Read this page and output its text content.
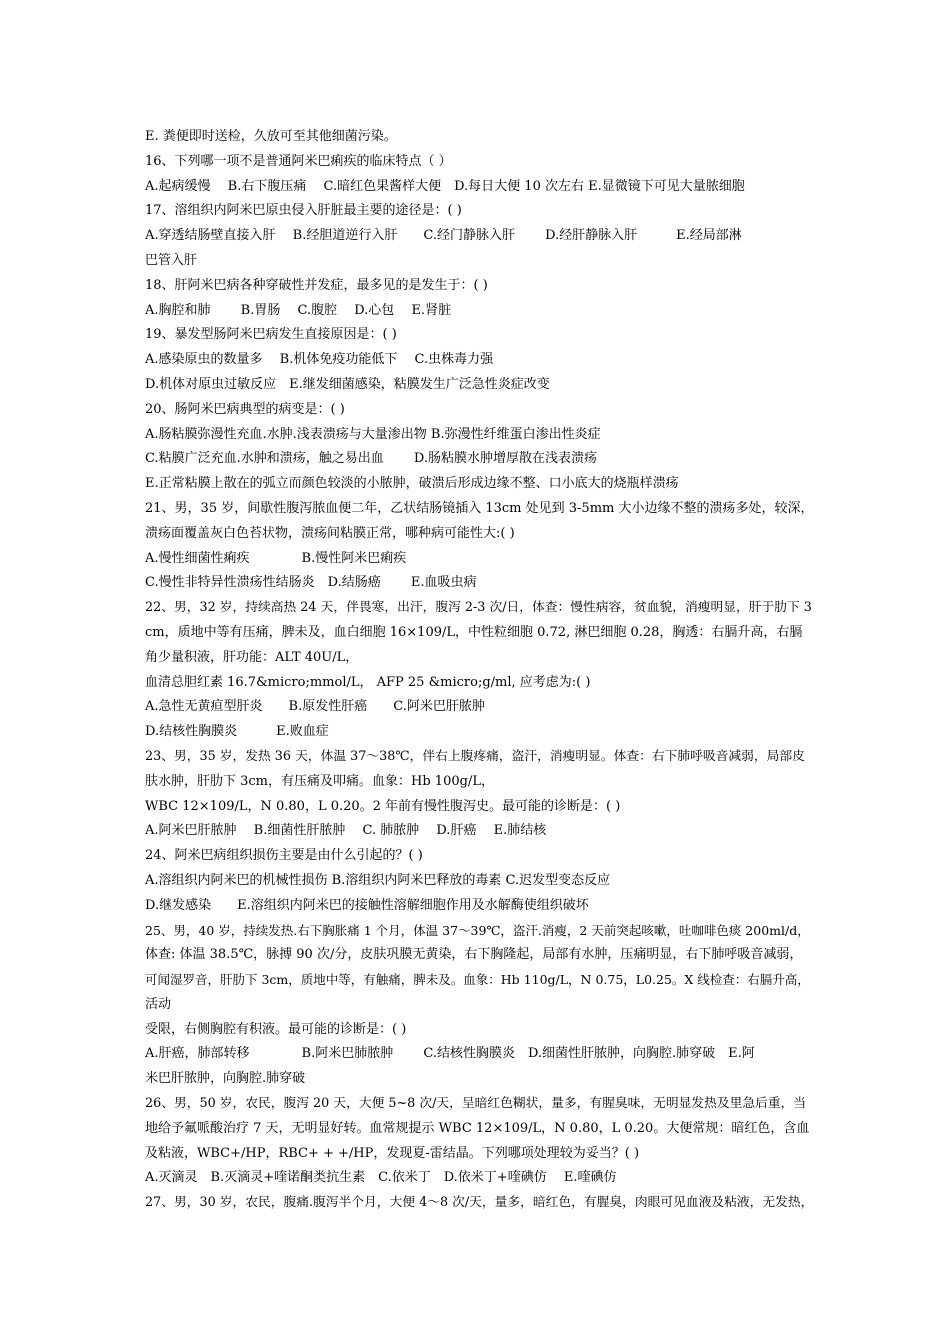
E. 粪便即时送检，久放可至其他细菌污染。
16、下列哪一项不是普通阿米巴痢疾的临床特点（ ）
A.起病缓慢　 B.右下腹压痛　 C.暗红色果酱样大便　D.每日大便 10 次左右 E.显微镜下可见大量脓细胞
17、溶组织内阿米巴原虫侵入肝脏最主要的途径是：( )
A.穿透结肠壁直接入肝　 B.经胆道逆行入肝　　C.经门静脉入肝　　 D.经肝静脉入肝　　　E.经局部淋
巴管入肝
18、肝阿米巴病各种穿破性并发症，最多见的是发生于：( )
A.胸腔和肺　　 B.胃肠　 C.腹腔　 D.心包　 E.肾脏
19、暴发型肠阿米巴病发生直接原因是：( )
A.感染原虫的数量多　 B.机体免疫功能低下　 C.虫株毒力强
D.机体对原虫过敏反应　E.继发细菌感染，粘膜发生广泛急性炎症改变
20、肠阿米巴病典型的病变是：( )
A.肠粘膜弥漫性充血.水肿.浅表溃疡与大量渗出物 B.弥漫性纤维蛋白渗出性炎症
C.粘膜广泛充血.水肿和溃疡，触之易出血　　 D.肠粘膜水肿增厚散在浅表溃疡
E.正常粘膜上散在的弧立而颜色较淡的小脓肿，破溃后形成边缘不整、口小底大的烧瓶样溃疡
21、男，35 岁，间歇性腹泻脓血便二年，乙状结肠镜插入 13cm 处见到 3-5mm 大小边缘不整的溃疡多处，较深，
溃疡面覆盖灰白色苔状物，溃疡间粘膜正常，哪种病可能性大:( )
A.慢性细菌性痢疾　　　　B.慢性阿米巴痢疾
C.慢性非特异性溃疡性结肠炎　D.结肠癌　　 E.血吸虫病
22、男，32 岁，持续高热 24 天，伴畏寒，出汗，腹泻 2-3 次/日，体查：慢性病容，贫血貌，消瘦明显，肝于肋下 3
cm，质地中等有压痛，脾未及，血白细胞 16×109/L，中性粒细胞 0.72, 淋巴细胞 0.28，胸透：右膈升高，右膈
角少量积液，肝功能：ALT 40U/L，
血清总胆红素 16.7&micro;mmol/L， AFP 25 &micro;g/ml, 应考虑为:( )
A.急性无黄疸型肝炎　　B.原发性肝癌　　C.阿米巴肝脓肿
D.结核性胸膜炎　　　E.败血症
23、男，35 岁，发热 36 天，体温 37～38℃，伴右上腹疼痛，盗汗，消瘦明显。体查：右下肺呼吸音减弱，局部皮
肤水肿，肝肋下 3cm，有压痛及叩痛。血象：Hb 100g/L，
WBC 12×109/L，N 0.80，L 0.20。2 年前有慢性腹泻史。最可能的诊断是：( )
A.阿米巴肝脓肿　 B.细菌性肝脓肿　 C. 肺脓肿　 D.肝癌　 E.肺结核
24、阿米巴病组织损伤主要是由什么引起的？( )
A.溶组织内阿米巴的机械性损伤 B.溶组织内阿米巴释放的毒素 C.迟发型变态反应
D.继发感染　　E.溶组织内阿米巴的接触性溶解细胞作用及水解酶使组织破坏
25、男，40 岁，持续发热.右下胸胀痛 1 个月，体温 37～39℃，盗汗.消瘦，2 天前突起咳嗽，吐咖啡色痰 200ml/d，
体查: 体温 38.5℃，脉搏 90 次/分，皮肤巩膜无黄染，右下胸隆起，局部有水肿，压痛明显，右下肺呼吸音减弱，
可闻湿罗音，肝肋下 3cm，质地中等，有触痛，脾未及。血象：Hb 110g/L，N 0.75，L0.25。X 线检查：右膈升高，
活动
受限，右侧胸腔有积液。最可能的诊断是：( )
A.肝癌，肺部转移　　　　B.阿米巴肺脓肿　　 C.结核性胸膜炎　D.细菌性肝脓肿，向胸腔.肺穿破　E.阿
米巴肝脓肿，向胸腔.肺穿破
26、男，50 岁，农民，腹泻 20 天，大便 5~8 次/天，呈暗红色糊状，量多，有腥臭味，无明显发热及里急后重，当
地给予氟哌酸治疗 7 天，无明显好转。血常规提示 WBC 12×109/L，N 0.80，L 0.20。大便常规：暗红色，含血
及粘液，WBC+/HP，RBC+ + +/HP，发现夏-雷结晶。下列哪项处理较为妥当？( )
A.灭滴灵　B.灭滴灵+喹诺酮类抗生素　C.依米丁　D.依米丁+喹碘仿　 E.喹碘仿
27、男，30 岁，农民，腹痛.腹泻半个月，大便 4～8 次/天，量多，暗红色，有腥臭，肉眼可见血液及粘液，无发热，
